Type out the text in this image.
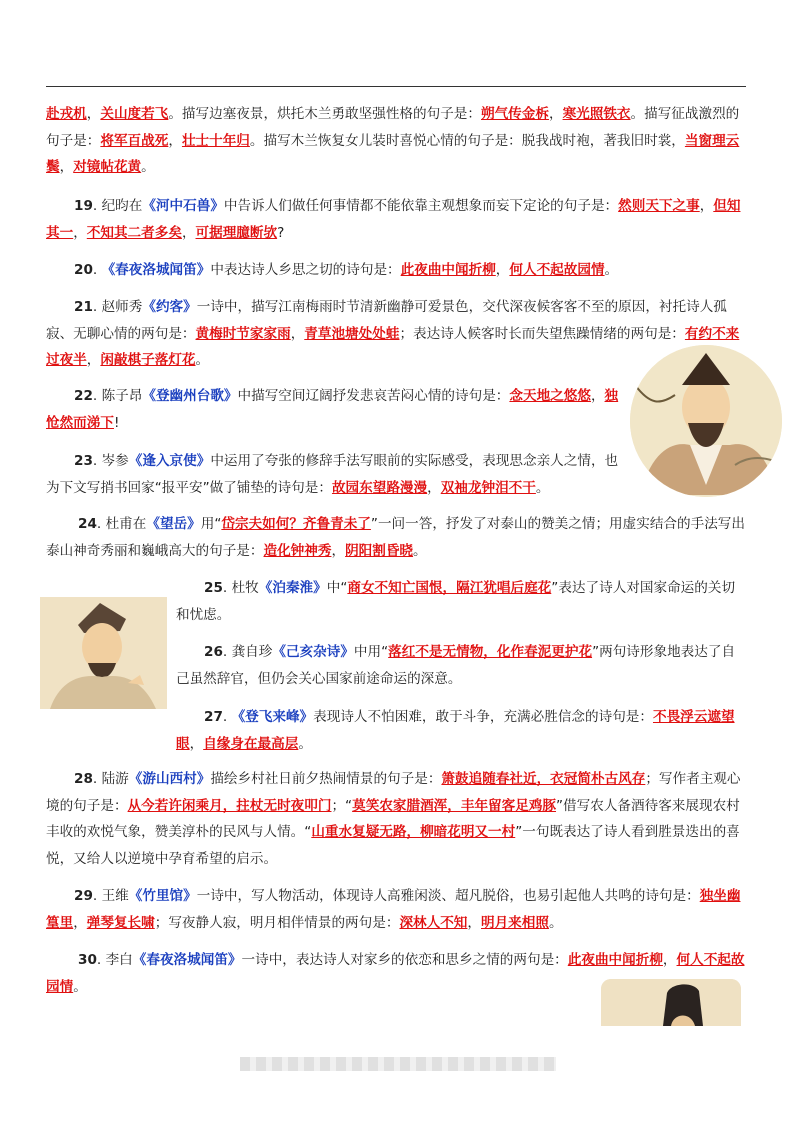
赴戎机，关山度若飞。描写边塞夜景，烘托木兰勇敢坚强性格的句子是：朔气传金柝，寒光照铁衣。描写征战激烈的句子是：将军百战死，壮士十年归。描写木兰恢复女儿装时喜悦心情的句子是：脱我战时袍，著我旧时裳，当窗理云鬓，对镜帖花黄。

19. 纪昀在《河中石兽》中告诉人们做任何事情都不能依靠主观想象而妄下定论的句子是：然则天下之事，但知其一，不知其二者多矣，可据理臆断欤?

20. 《春夜洛城闻笛》中表达诗人乡思之切的诗句是：此夜曲中闻折柳，何人不起故园情。

21. 赵师秀《约客》一诗中，描写江南梅雨时节清新幽静可爱景色，交代深夜候客客不至的原因，衬托诗人孤寂、无聊心情的两句是：黄梅时节家家雨，青草池塘处处蛙；表达诗人候客时长而失望焦躁情绪的两句是：有约不来过夜半，闲敲棋子落灯花。

22. 陈子昂《登幽州台歌》中描写空间辽阔抒发悲哀苦闷心情的诗句是：念天地之悠悠，独怆然而涕下!

23. 岑参《逢入京使》中运用了夸张的修辞手法写眼前的实际感受，表现思念亲人之情，也为下文写捎书回家“报平安”做了铺垫的诗句是：故园东望路漫漫，双袖龙钟泪不干。

24. 杜甫在《望岳》用“岱宗夫如何？齐鲁青未了”一问一答，抒发了对泰山的赞美之情；用虚实结合的手法写出泰山神奇秀丽和巍峨高大的句子是：造化钟神秀，阴阳割昏晓。

25. 杜牧《泊秦淮》中“商女不知亡国恨，隔江犹唱后庭花”表达了诗人对国家命运的关切和忧虑。

26. 龚自珍《己亥杂诗》中用“落红不是无情物，化作春泥更护花”两句诗形象地表达了自己虽然辞官，但仍会关心国家前途命运的深意。

27. 《登飞来峰》表现诗人不怕困难，敢于斗争，充满必胜信念的诗句是：不畏浮云遮望眼，自缘身在最高层。

28. 陆游《游山西村》描绘乡村社日前夕热闹情景的句子是：箫鼓追随春社近，衣冠简朴古风存；写作者主观心境的句子是：从今若许闲乘月，拄杖无时夜叩门；“莫笑农家腊酒浑，丰年留客足鸡豚”借写农人备酒待客来展现农村丰收的欢悦气象，赞美淳朴的民风与人情。“山重水复疑无路，柳暗花明又一村”一句既表达了诗人看到胜景迭出的喜悦，又给人以逆境中孕育希望的启示。

29. 王维《竹里馆》一诗中，写人物活动，体现诗人高雅闲淡、超凡脱俗，也易引起他人共鸣的诗句是：独坐幽篁里，弹琴复长啸；写夜静人寂，明月相伴情景的两句是：深林人不知，明月来相照。

30. 李白《春夜洛城闻笛》一诗中，表达诗人对家乡的依恋和思乡之情的两句是：此夜曲中闻折柳，何人不起故园情。
